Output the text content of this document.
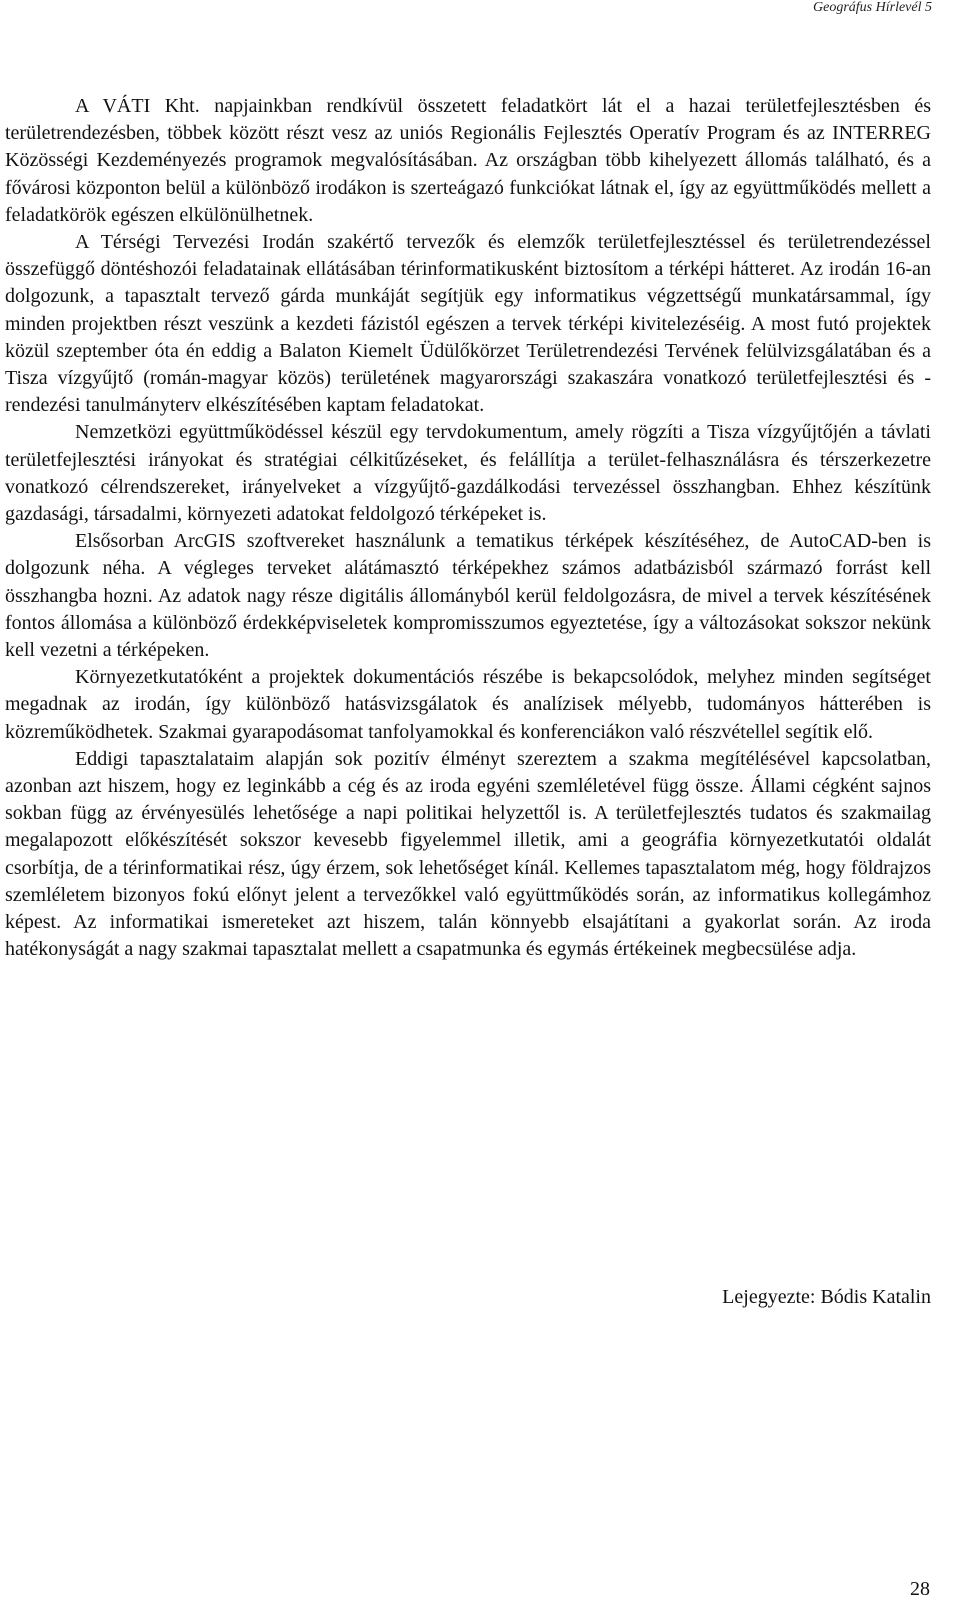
Geográfus Hírlevél 5

A VÁTI Kht. napjainkban rendkívül összetett feladatkört lát el a hazai területfejlesztésben és területrendezésben, többek között részt vesz az uniós Regionális Fejlesztés Operatív Program és az INTERREG Közösségi Kezdeményezés programok megvalósításában. Az országban több kihelyezett állomás található, és a fővárosi központon belül a különböző irodákon is szerteágazó funkciókat látnak el, így az együttműködés mellett a feladatkörök egészen elkülönülhetnek.

A Térségi Tervezési Irodán szakértő tervezők és elemzők területfejlesztéssel és területrendezéssel összefüggő döntéshozói feladatainak ellátásában térinformatikusként biztosítom a térképi hátteret. Az irodán 16-an dolgozunk, a tapasztalt tervező gárda munkáját segítjük egy informatikus végzettségű munkatársammal, így minden projektben részt veszünk a kezdeti fázistól egészen a tervek térképi kivitelezéséig. A most futó projektek közül szeptember óta én eddig a Balaton Kiemelt Üdülőkörzet Területrendezési Tervének felülvizsgálatában és a Tisza vízgyűjtő (román-magyar közös) területének magyarországi szakaszára vonatkozó területfejlesztési és -rendezési tanulmányterv elkészítésében kaptam feladatokat.

Nemzetközi együttműködéssel készül egy tervdokumentum, amely rögzíti a Tisza vízgyűjtőjén a távlati területfejlesztési irányokat és stratégiai célkitűzéseket, és felállítja a terület-felhasználásra és térszerkezetre vonatkozó célrendszereket, irányelveket a vízgyűjtő-gazdálkodási tervezéssel összhangban. Ehhez készítünk gazdasági, társadalmi, környezeti adatokat feldolgozó térképeket is.

Elsősorban ArcGIS szoftvereket használunk a tematikus térképek készítéséhez, de AutoCAD-ben is dolgozunk néha. A végleges terveket alátámasztó térképekhez számos adatbázisból származó forrást kell összhangba hozni. Az adatok nagy része digitális állományból kerül feldolgozásra, de mivel a tervek készítésének fontos állomása a különböző érdekképviseletek kompromisszumos egyeztetése, így a változásokat sokszor nekünk kell vezetni a térképeken.

Környezetkutatóként a projektek dokumentációs részébe is bekapcsolódok, melyhez minden segítséget megadnak az irodán, így különböző hatásvizsgálatok és analízisek mélyebb, tudományos hátterében is közreműködhetek. Szakmai gyarapodásomat tanfolyamokkal és konferenciákon való részvétellel segítik elő.

Eddigi tapasztalataim alapján sok pozitív élményt szereztem a szakma megítélésével kapcsolatban, azonban azt hiszem, hogy ez leginkább a cég és az iroda egyéni szemléletével függ össze. Állami cégként sajnos sokban függ az érvényesülés lehetősége a napi politikai helyzettől is. A területfejlesztés tudatos és szakmailag megalapozott előkészítését sokszor kevesebb figyelemmel illetik, ami a geográfia környezetkutatói oldalát csorbítja, de a térinformatikai rész, úgy érzem, sok lehetőséget kínál. Kellemes tapasztalatom még, hogy földrajzos szemléletem bizonyos fokú előnyt jelent a tervezőkkel való együttműködés során, az informatikus kollegámhoz képest. Az informatikai ismereteket azt hiszem, talán könnyebb elsajátítani a gyakorlat során. Az iroda hatékonyságát a nagy szakmai tapasztalat mellett a csapatmunka és egymás értékeinek megbecsülése adja.

Lejegyezte: Bódis Katalin
28
